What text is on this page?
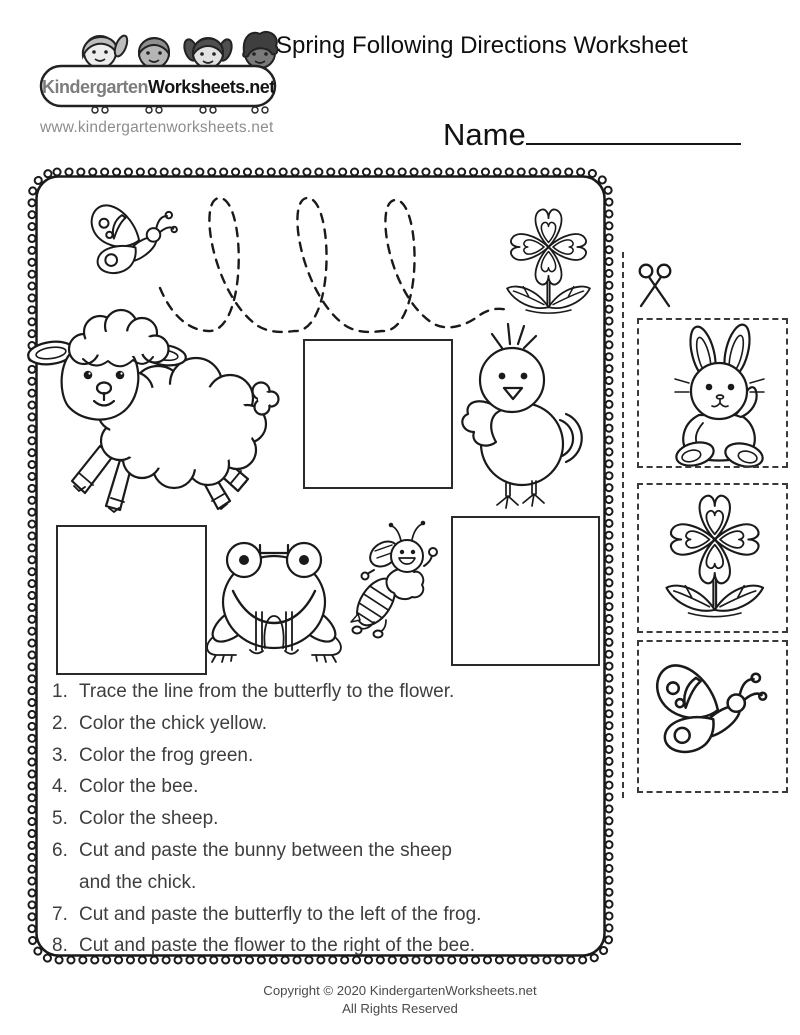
KindergartenWorksheets.net
www.kindergartenworksheets.net
Spring Following Directions Worksheet
Name
1. Trace the line from the butterfly to the flower.
2. Color the chick yellow.
3. Color the frog green.
4. Color the bee.
5. Color the sheep.
6. Cut and paste the bunny between the sheep
and the chick.
7. Cut and paste the butterfly to the left of the frog.
8. Cut and paste the flower to the right of the bee.
Copyright © 2020 KindergartenWorksheets.net
All Rights Reserved
